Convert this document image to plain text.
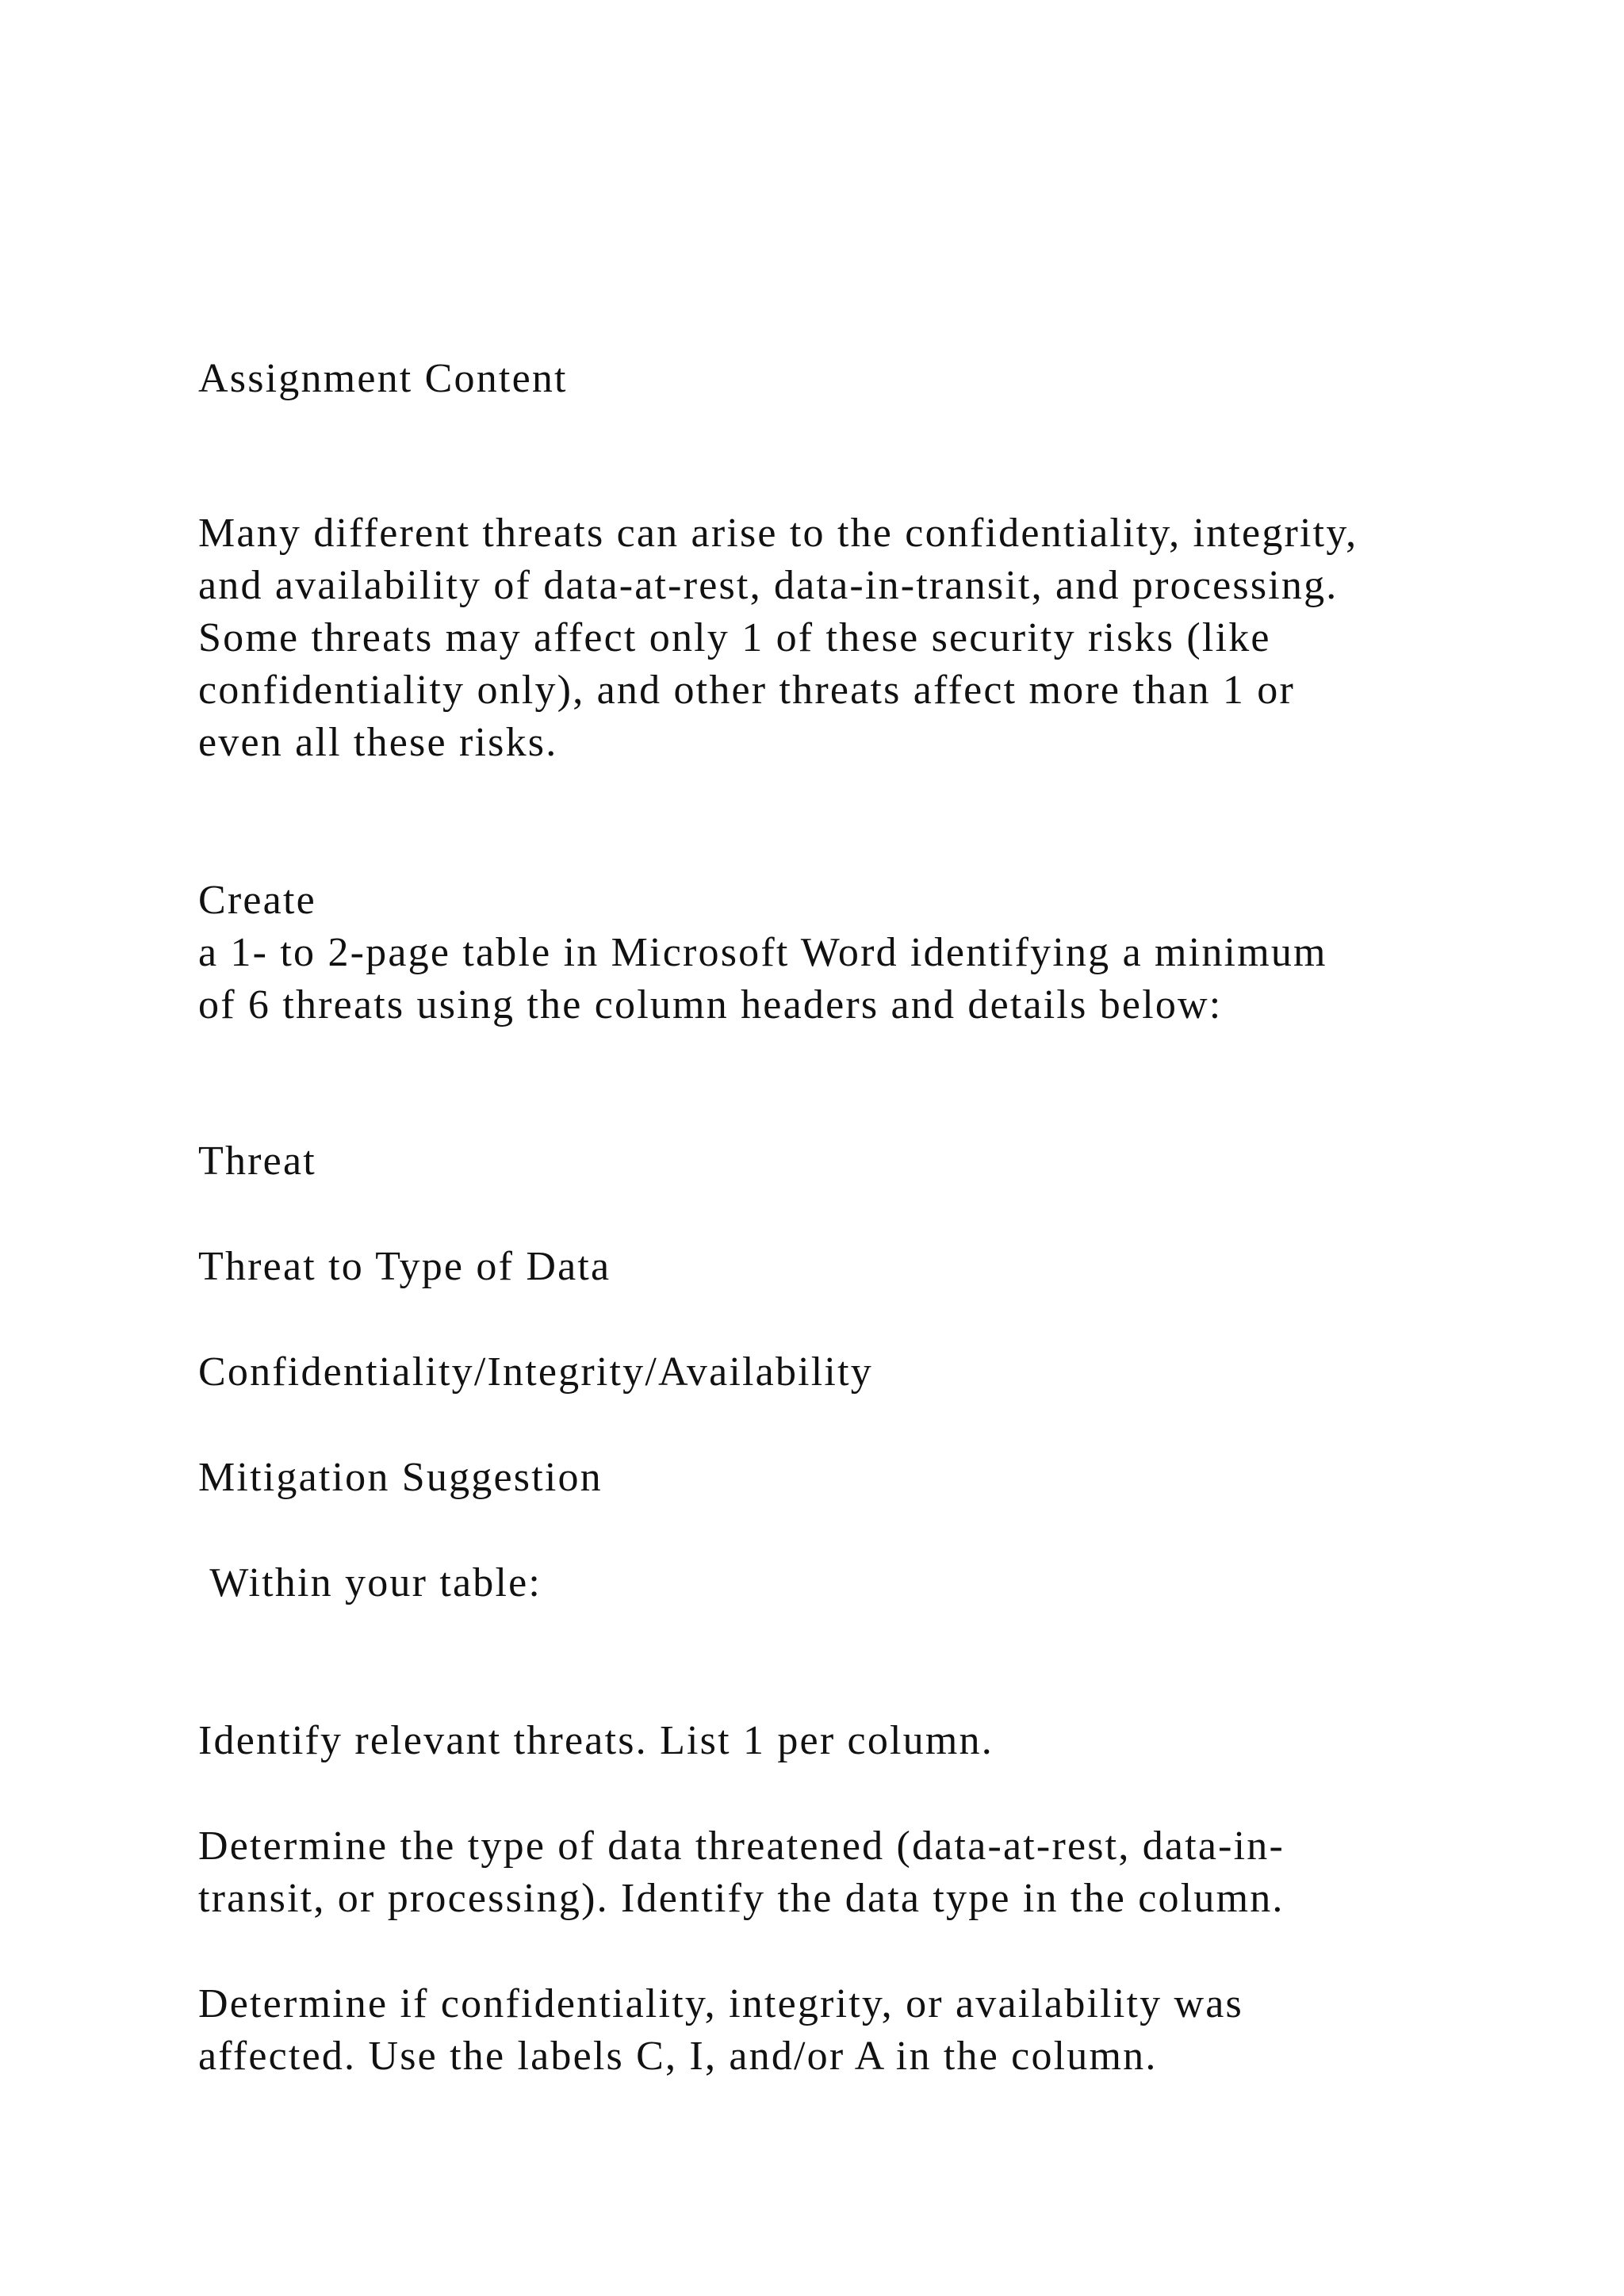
Assignment Content

Many different threats can arise to the confidentiality, integrity,

and availability of data-at-rest, data-in-transit, and processing.

Some threats may affect only 1 of these security risks (like

confidentiality only), and other threats affect more than 1 or

even all these risks.

Create

a 1- to 2-page table in Microsoft Word identifying a minimum

of 6 threats using the column headers and details below:

Threat

Threat to Type of Data

Confidentiality/Integrity/Availability

Mitigation Suggestion

Within your table:

Identify relevant threats. List 1 per column.

Determine the type of data threatened (data-at-rest, data-in-

transit, or processing). Identify the data type in the column.

Determine if confidentiality, integrity, or availability was

affected. Use the labels C, I, and/or A in the column.
